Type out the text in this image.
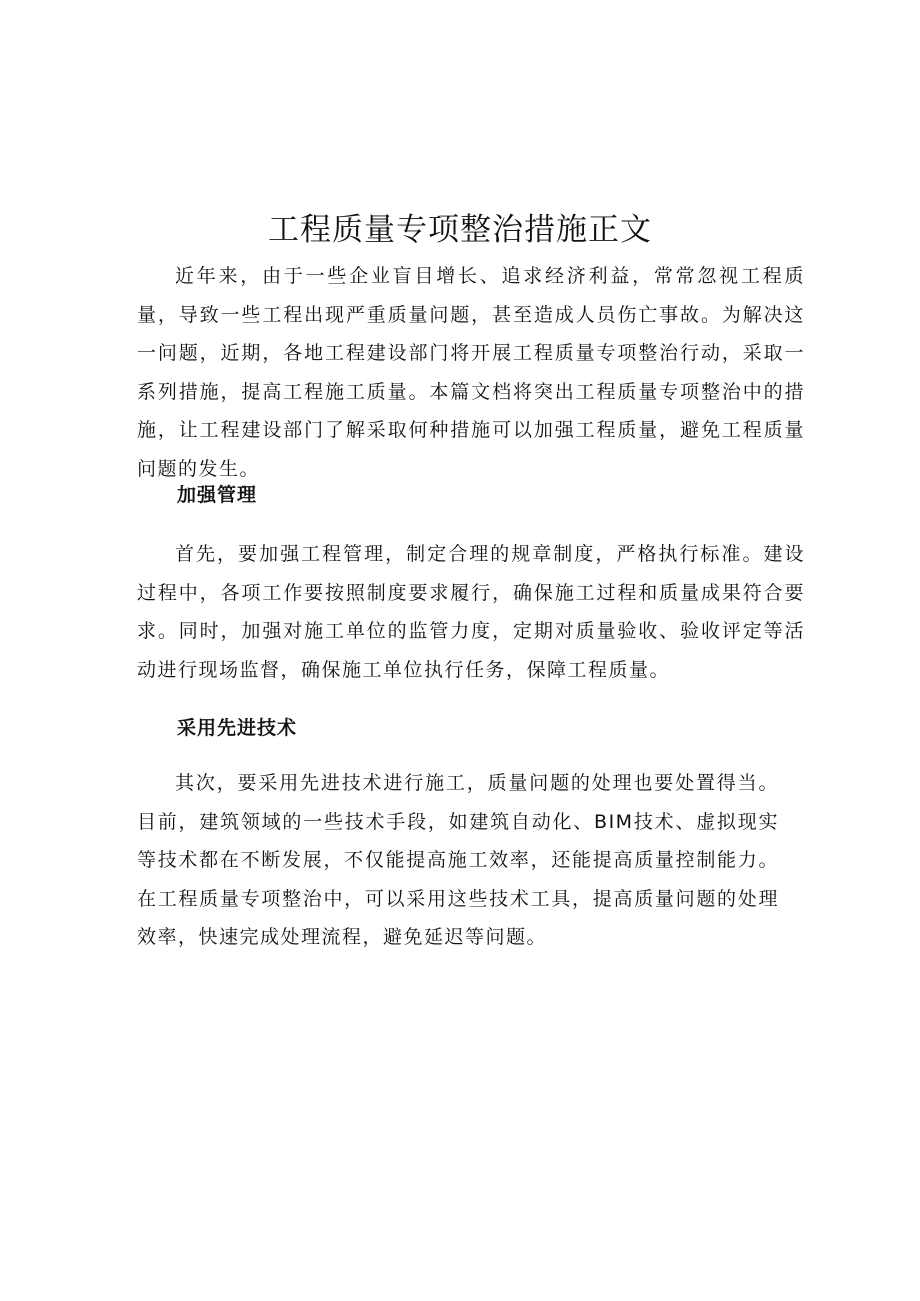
工程质量专项整治措施正文

近年来，由于一些企业盲目增长、追求经济利益，常常忽视工程质量，导致一些工程出现严重质量问题，甚至造成人员伤亡事故。为解决这一问题，近期，各地工程建设部门将开展工程质量专项整治行动，采取一系列措施，提高工程施工质量。本篇文档将突出工程质量专项整治中的措施，让工程建设部门了解采取何种措施可以加强工程质量，避免工程质量问题的发生。

加强管理

首先，要加强工程管理，制定合理的规章制度，严格执行标准。建设过程中，各项工作要按照制度要求履行，确保施工过程和质量成果符合要求。同时，加强对施工单位的监管力度，定期对质量验收、验收评定等活动进行现场监督，确保施工单位执行任务，保障工程质量。

采用先进技术

其次，要采用先进技术进行施工，质量问题的处理也要处置得当。目前，建筑领域的一些技术手段，如建筑自动化、BIM技术、虚拟现实等技术都在不断发展，不仅能提高施工效率，还能提高质量控制能力。在工程质量专项整治中，可以采用这些技术工具，提高质量问题的处理效率，快速完成处理流程，避免延迟等问题。
